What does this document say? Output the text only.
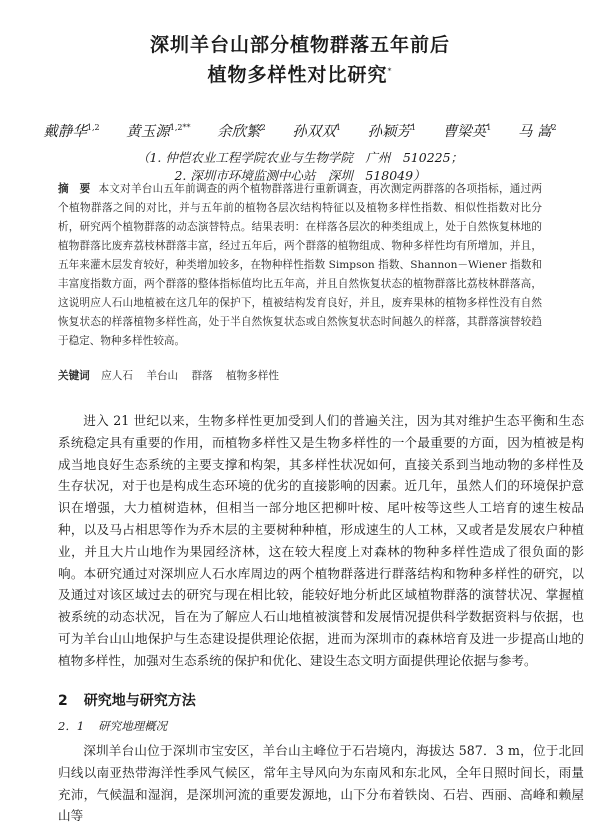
深圳羊台山部分植物群落五年前后
植物多样性对比研究*
戴静华$^{1,2}$ 黄玉源$^{1,2**}$ 余欣繁$^2$ 孙双双$^1$ 孙颖芳$^1$ 曹梁英$^1$ 马 嵩$^2$
（1. 仲恺农业工程学院农业与生物学院　广州　510225；
2. 深圳市环境监测中心站　深圳　518049）
摘　要 本文对羊台山五年前调查的两个植物群落进行重新调查，再次测定两群落的各项指标，通过两个植物群落之间的对比，并与五年前的植物各层次结构特征以及植物多样性指数、相似性指数对比分析，研究两个植物群落的动态演替特点。结果表明：在样落各层次的种类组成上，处于自然恢复林地的植物群落比废弃荔枝林群落丰富，经过五年后，两个群落的植物组成、物种多样性均有所增加，并且，五年来灌木层发育较好，种类增加较多，在物种样性指数 Simpson 指数、Shannon－Wiener 指数和丰富度指数方面，两个群落的整体指标值均比五年高，并且自然恢复状态的植物群落比荔枝林群落高，这说明应人石山地植被在这几年的保护下，植被结构发育良好，并且，废弃果林的植物多样性没有自然恢复状态的样落植物多样性高，处于半自然恢复状态或自然恢复状态时间越久的样落，其群落演替较趋于稳定、物种多样性较高。
关键词 应人石 羊台山 群落 植物多样性
进入 21 世纪以来，生物多样性更加受到人们的普遍关注，因为其对维护生态平衡和生态系统稳定具有重要的作用，而植物多样性又是生物多样性的一个最重要的方面，因为植被是构成当地良好生态系统的主要支撑和构架，其多样性状况如何，直接关系到当地动物的多样性及生存状况，对于也是构成生态环境的优劣的直接影响的因素。近几年，虽然人们的环境保护意识在增强，大力植树造林，但相当一部分地区把柳叶桉、尾叶桉等这些人工培育的速生桉品种，以及马占相思等作为乔木层的主要树种种植，形成速生的人工林，又或者是发展农户种植业，并且大片山地作为果园经济林，这在较大程度上对森林的物种多样性造成了很负面的影响。本研究通过对深圳应人石水库周边的两个植物群落进行群落结构和物种多样性的研究，以及通过对该区域过去的研究与现在相比较，能较好地分析此区域植物群落的演替状况、掌握植被系统的动态状况，旨在为了解应人石山地植被演替和发展情况提供科学数据资料与依据，也可为羊台山山地保护与生态建设提供理论依据，进而为深圳市的森林培育及进一步提高山地的植物多样性，加强对生态系统的保护和优化、建设生态文明方面提供理论依据与参考。
2 研究地与研究方法
2．1 研究地理概况
深圳羊台山位于深圳市宝安区，羊台山主峰位于石岩境内，海拔达 587．3 m，位于北回归线以南亚热带海洋性季风气候区，常年主导风向为东南风和东北风，全年日照时间长，雨量充沛，气候温和湿润，是深圳河流的重要发源地，山下分布着铁岗、石岩、西丽、高峰和赖屋山等
